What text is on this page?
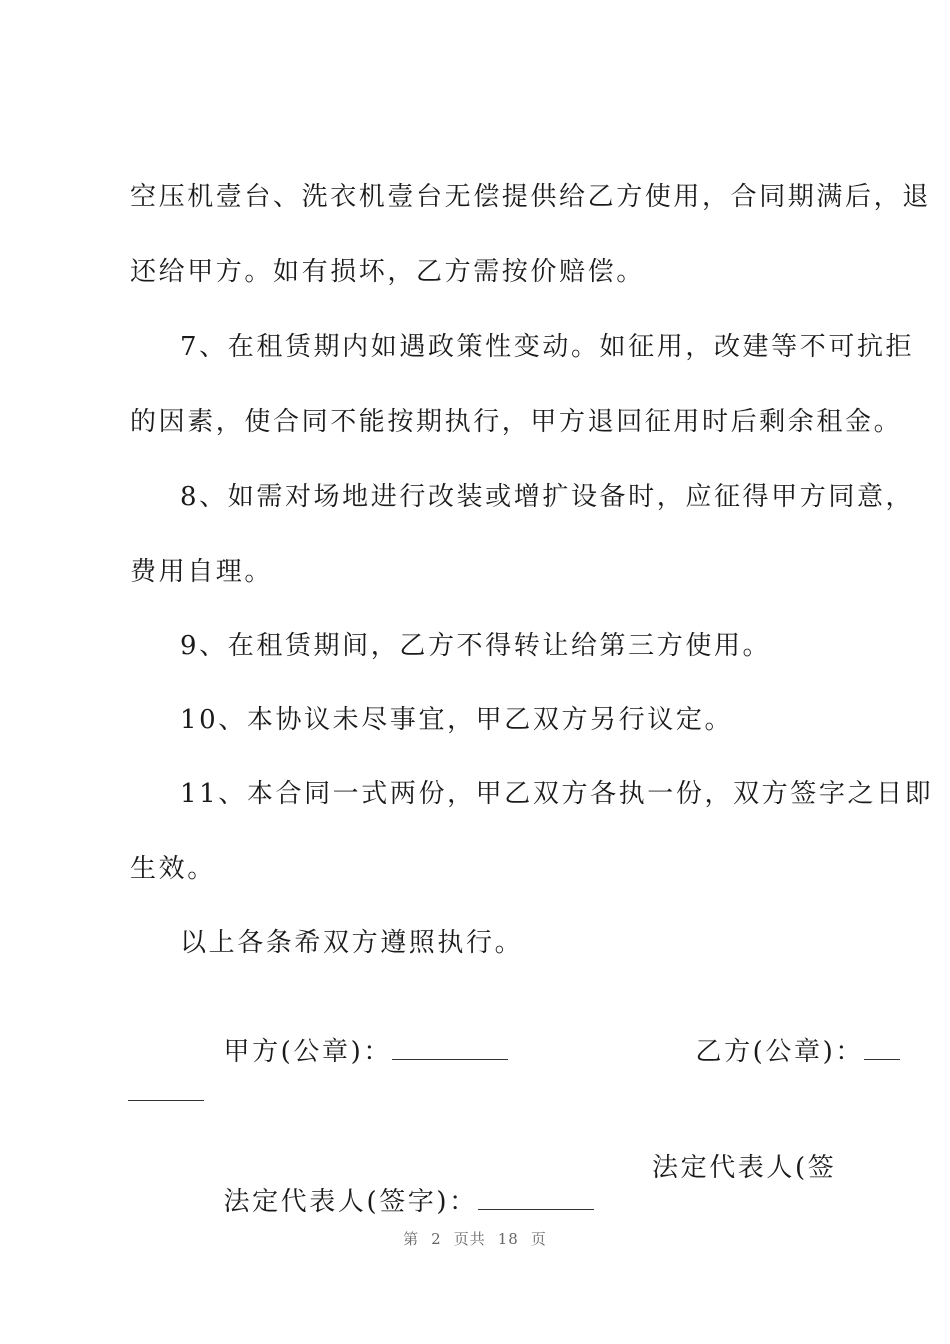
空压机壹台、洗衣机壹台无偿提供给乙方使用，合同期满后，退
还给甲方。如有损坏，乙方需按价赔偿。
7、在租赁期内如遇政策性变动。如征用，改建等不可抗拒
的因素，使合同不能按期执行，甲方退回征用时后剩余租金。
8、如需对场地进行改装或增扩设备时，应征得甲方同意，
费用自理。
9、在租赁期间，乙方不得转让给第三方使用。
10、本协议未尽事宜，甲乙双方另行议定。
11、本合同一式两份，甲乙双方各执一份，双方签字之日即
生效。
以上各条希双方遵照执行。

甲方(公章)：
	乙方(公章)：

法定代表人(签字)：

法定代表人(签
第 2 页共 18 页
